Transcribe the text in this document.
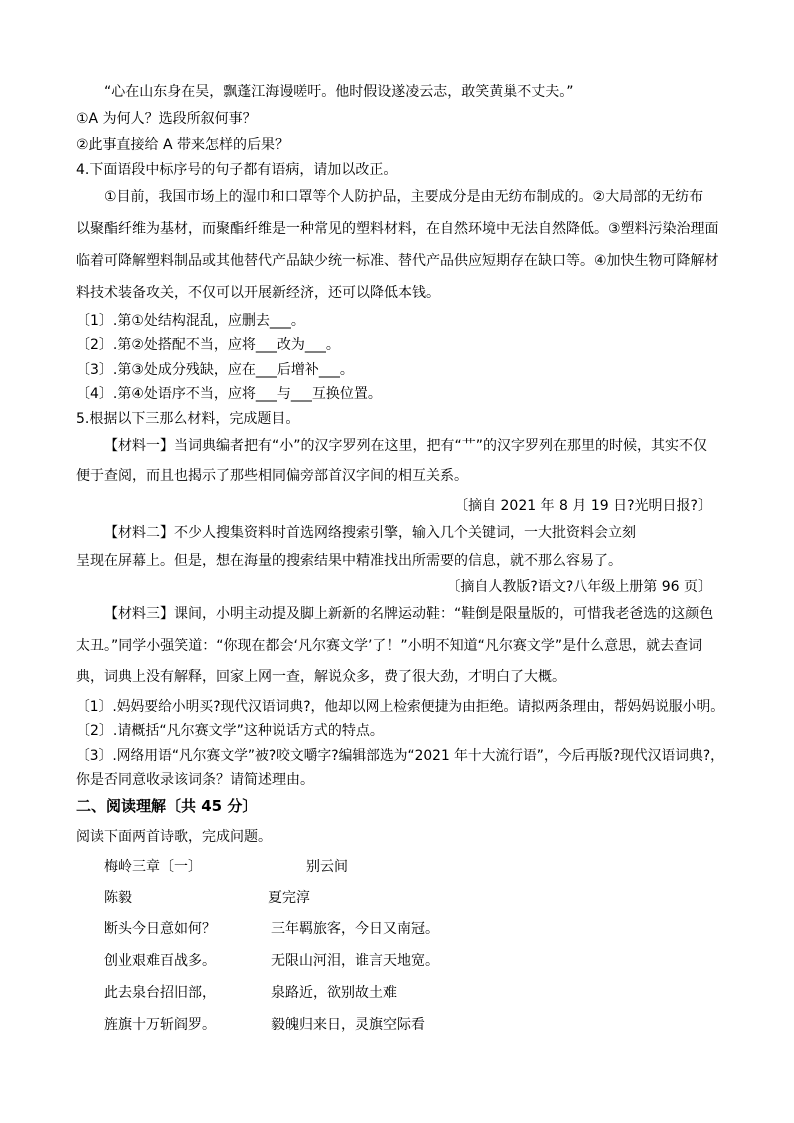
“心在山东身在吴，飘蓬江海谩嗟吁。他时假设遂凌云志，敢笑黄巢不丈夫。”
①A 为何人？选段所叙何事？
②此事直接给 A 带来怎样的后果？
4.下面语段中标序号的句子都有语病，请加以改正。
①目前，我国市场上的湿巾和口罩等个人防护品，主要成分是由无纺布制成的。②大局部的无纺布
以聚酯纤维为基材，而聚酯纤维是一种常见的塑料材料，在自然环境中无法自然降低。③塑料污染治理面
临着可降解塑料制品或其他替代产品缺少统一标准、替代产品供应短期存在缺口等。④加快生物可降解材
料技术装备攻关，不仅可以开展新经济，还可以降低本钱。
〔1〕.第①处结构混乱，应删去___。
〔2〕.第②处搭配不当，应将___改为___。
〔3〕.第③处成分残缺，应在___后增补___。
〔4〕.第④处语序不当，应将___与___互换位置。
5.根据以下三那么材料，完成题目。
【材料一】当词典编者把有“小”的汉字罗列在这里，把有“艹”的汉字罗列在那里的时候，其实不仅
便于查阅，而且也揭示了那些相同偏旁部首汉字间的相互关系。
〔摘自 2021 年 8 月 19 日?光明日报?〕
【材料二】不少人搜集资料时首选网络搜索引擎，输入几个关键词，一大批资料会立刻
呈现在屏幕上。但是，想在海量的搜索结果中精准找出所需要的信息，就不那么容易了。
〔摘自人教版?语文?八年级上册第 96 页〕
【材料三】课间，小明主动提及脚上新新的名牌运动鞋：“鞋倒是限量版的，可惜我老爸选的这颜色
太丑。”同学小强笑道：“你现在都会‘凡尔赛文学’了！”小明不知道“凡尔赛文学”是什么意思，就去查词
典，词典上没有解释，回家上网一查，解说众多，费了很大劲，才明白了大概。
〔1〕.妈妈要给小明买?现代汉语词典?，他却以网上检索便捷为由拒绝。请拟两条理由，帮妈妈说服小明。
〔2〕.请概括“凡尔赛文学”这种说话方式的特点。
〔3〕.网络用语“凡尔赛文学”被?咬文嚼字?编辑部选为“2021 年十大流行语”，今后再版?现代汉语词典?，
你是否同意收录该词条？请简述理由。
二、阅读理解〔共 45 分〕
阅读下面两首诗歌，完成问题。
梅岭三章〔一〕	别云间
陈毅	夏完淳
断头今日意如何？	三年羁旅客，今日又南冠。
创业艰难百战多。	无限山河泪，谁言天地宽。
此去泉台招旧部，	泉路近，欲别故土难
旌旗十万斩阎罗。	毅魄归来日，灵旗空际看
